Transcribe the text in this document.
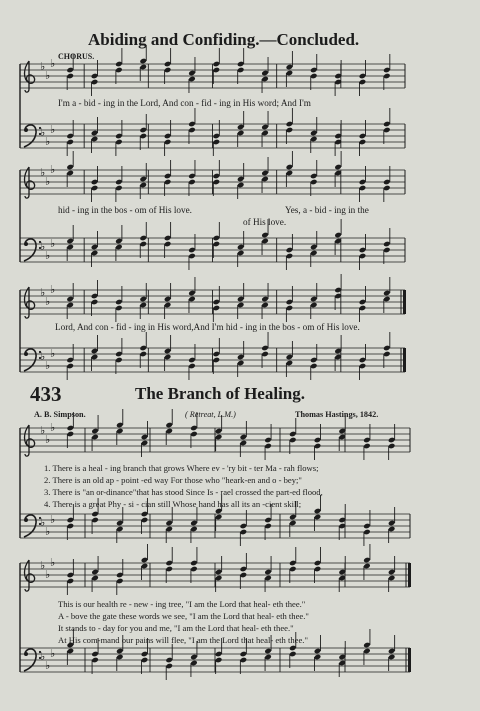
Abiding and Confiding.—Concluded.
CHORUS.
♭
♭
♭
♭
♭
♭
♭
♭
♭
♭
♭
♭
♭
♭
♭
♭
♭
♭
♭
♭
♭
♭
♭
♭
♭
♭
♭
♭
♭
♭
I'm a - bid - ing in the Lord, And con - fid - ing in His word; And I'm
hid - ing in the bos - om of His love.	Yes, a - bid - ing in the
of His love.
Lord, And con - fid - ing in His word,And I'm hid - ing in the bos - om of His love.
433	The Branch of Healing.
A. B. Simpson.	( Retreat, L.M.)	Thomas Hastings, 1842.
1. There is a heal - ing branch that grows Where ev - 'ry bit - ter Ma - rah flows;
2. There is an old ap - point -ed way For those who "heark-en and o - bey;"
3. There is "an or-dinance"that has stood Since Is - rael crossed the part-ed flood,
4. There is a great Phy - si - cian still Whose hand has all its an -cient skill;
This is our health re - new - ing tree, "I am the Lord that heal- eth thee."
A - bove the gate these words we see, "I am the Lord that heal- eth thee."
It stands to - day for you and me, "I am the Lord that heal- eth thee."
At His com-mand our pains will flee, "I am the Lord that heal- eth thee."
